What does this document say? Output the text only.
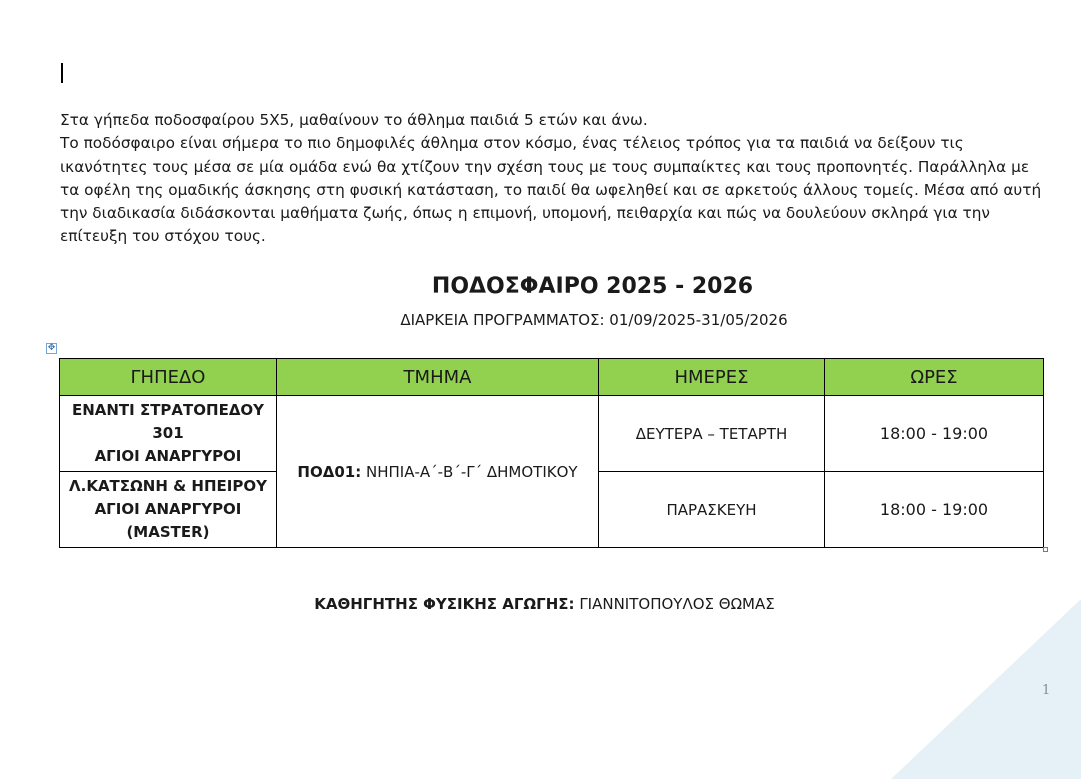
Στα γήπεδα ποδοσφαίρου 5Χ5, μαθαίνουν το άθλημα παιδιά 5 ετών και άνω.

Το ποδόσφαιρο είναι σήμερα το πιο δημοφιλές άθλημα στον κόσμο, ένας τέλειος τρόπος για τα παιδιά να δείξουν τις ικανότητες τους μέσα σε μία ομάδα ενώ θα χτίζουν την σχέση τους με τους συμπαίκτες και τους προπονητές. Παράλληλα με τα οφέλη της ομαδικής άσκησης στη φυσική κατάσταση, το παιδί θα ωφεληθεί και σε αρκετούς άλλους τομείς. Μέσα από αυτή την διαδικασία διδάσκονται μαθήματα ζωής, όπως η επιμονή, υπομονή, πειθαρχία και πώς να δουλεύουν σκληρά για την επίτευξη του στόχου τους.

ΠΟΔΟΣΦΑΙΡΟ 2025 - 2026
ΔΙΑΡΚΕΙΑ ΠΡΟΓΡΑΜΜΑΤΟΣ: 01/09/2025-31/05/2026
✥
ΓΗΠΕΔΟ	ΤΜΗΜΑ	ΗΜΕΡΕΣ	ΩΡΕΣ

ΕΝΑΝΤΙ ΣΤΡΑΤΟΠΕΔΟΥ 301
ΑΓΙΟΙ ΑΝΑΡΓΥΡΟΙ	ΠΟΔ01: ΝΗΠΙΑ-Α΄-Β΄-Γ΄ ΔΗΜΟΤΙΚΟΥ	ΔΕΥΤΕΡΑ – ΤΕΤΑΡΤΗ	18:00 - 19:00

Λ.ΚΑΤΣΩΝΗ & ΗΠΕΙΡΟΥ
ΑΓΙΟΙ ΑΝΑΡΓΥΡΟΙ
(MASTER)		ΠΑΡΑΣΚΕΥΗ	18:00 - 19:00
ΚΑΘΗΓΗΤΗΣ ΦΥΣΙΚΗΣ ΑΓΩΓΗΣ: ΓΙΑΝΝΙΤΟΠΟΥΛΟΣ ΘΩΜΑΣ
1
